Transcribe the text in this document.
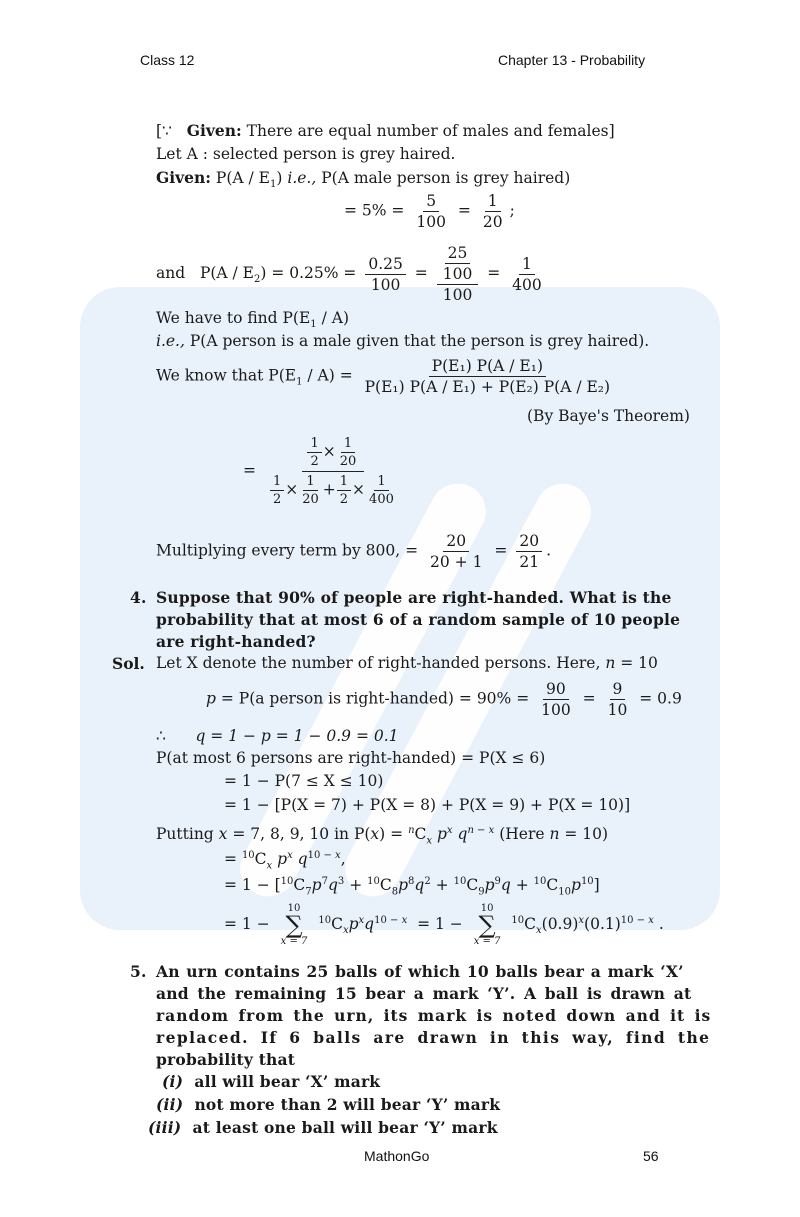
Class 12	Chapter 13 - Probability
[∵ Given: There are equal number of males and females]
Let A : selected person is grey haired.
Given: $P(A / E_1)$ i.e., P(A male person is grey haired)
= $5\% = \frac{5}{100} = \frac{1}{20}$ ;
and $P(A / E_2) = 0.25\% = \frac{0.25}{100} = \frac{\frac{25}{100}}{100} = \frac{1}{400}$
We have to find $P(E_1 / A)$
i.e., P(A person is a male given that the person is grey haired).
We know that $P(E_1 / A) = \frac{\text{P(E₁) P(A / E₁)}}{\text{P(E₁) P(A / E₁) + P(E₂) P(A / E₂)}}$
(By Baye's Theorem)
= $\frac{\frac{1}{2} \times \frac{1}{20}}{\frac{1}{2} \times \frac{1}{20} + \frac{1}{2} \times \frac{1}{400}}$
Multiplying every term by 800, = $\frac{20}{20 + 1} = \frac{20}{21}$ .
4. Suppose that 90% of people are right-handed. What is the
probability that at most 6 of a random sample of 10 people
are right-handed?
Sol. Let X denote the number of right-handed persons. Here, n = 10
p = P(a person is right-handed) = $90\% = \frac{90}{100} = \frac{9}{10} = 0.9$
∴ q = 1 − p = 1 − 0.9 = 0.1
P(at most 6 persons are right-handed) = P(X ≤ 6)
= 1 − P(7 ≤ X ≤ 10)
= 1 − [P(X = 7) + P(X = 8) + P(X = 9) + P(X = 10)]
Putting x = 7, 8, 9, 10 in $P(x) = ^nC_x$ $p^x$ $q^{n - x}$ (Here n = 10)
= $^{10}C_x$ $p^x$ $q^{10 - x}$,
= $1 - [^{10}C_7p^7q^3 + ^{10}C_8p^8q^2 + ^{10}C_9p^9q + ^{10}C_{10}p^{10}]$
= 1 −
10
∑
x = 7
$^{10}C_xp^xq^{10 - x} = 1$ −
10
∑
x = 7
$^{10}C_x(0.9)^x(0.1)^{10 - x}$ .
5. An urn contains 25 balls of which 10 balls bear a mark ‘X’
and the remaining 15 bear a mark ‘Y’. A ball is drawn at
random from the urn, its mark is noted down and it is
replaced. If 6 balls are drawn in this way, find the
probability that
(i) all will bear ‘X’ mark
(ii) not more than 2 will bear ‘Y’ mark
(iii) at least one ball will bear ‘Y’ mark
MathonGo	56
